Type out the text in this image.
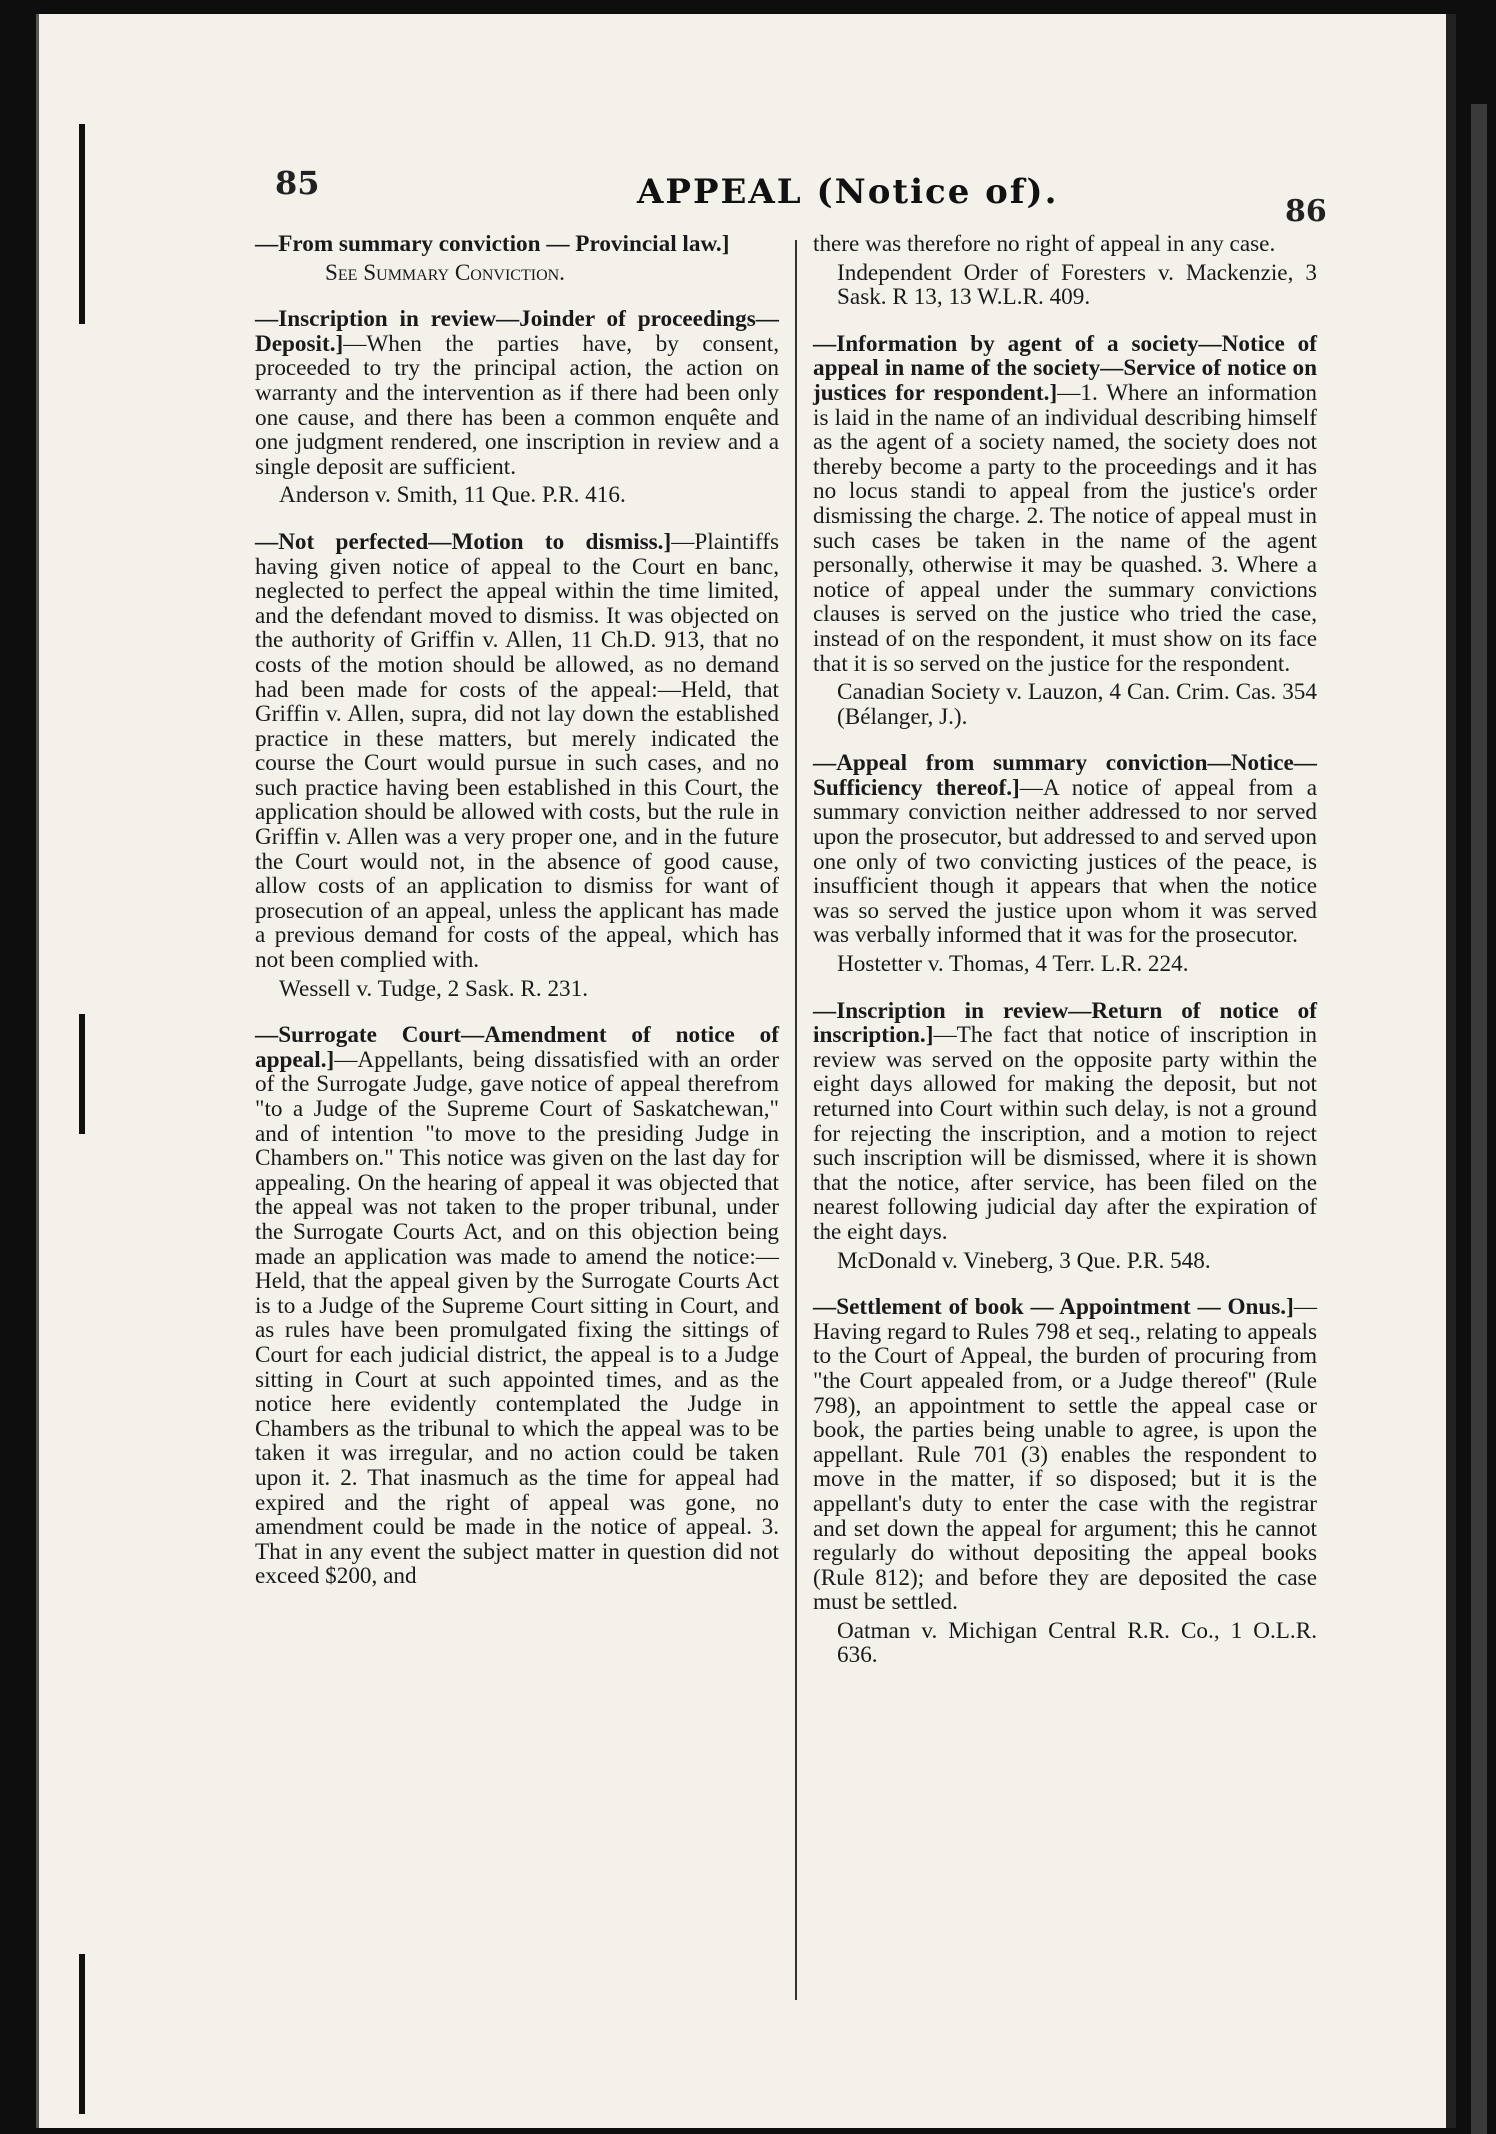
85	APPEAL (Notice of).	86

—From summary conviction — Provincial law.]

See Summary Conviction.

—Inscription in review—Joinder of proceedings—Deposit.]—When the parties have, by consent, proceeded to try the principal action, the action on warranty and the intervention as if there had been only one cause, and there has been a common enquête and one judgment rendered, one inscription in review and a single deposit are sufficient.

Anderson v. Smith, 11 Que. P.R. 416.

—Not perfected—Motion to dismiss.]—Plaintiffs having given notice of appeal to the Court en banc, neglected to perfect the appeal within the time limited, and the defendant moved to dismiss. It was objected on the authority of Griffin v. Allen, 11 Ch.D. 913, that no costs of the motion should be allowed, as no demand had been made for costs of the appeal:—Held, that Griffin v. Allen, supra, did not lay down the established practice in these matters, but merely indicated the course the Court would pursue in such cases, and no such practice having been established in this Court, the application should be allowed with costs, but the rule in Griffin v. Allen was a very proper one, and in the future the Court would not, in the absence of good cause, allow costs of an application to dismiss for want of prosecution of an appeal, unless the applicant has made a previous demand for costs of the appeal, which has not been complied with.

Wessell v. Tudge, 2 Sask. R. 231.

—Surrogate Court—Amendment of notice of appeal.]—Appellants, being dissatisfied with an order of the Surrogate Judge, gave notice of appeal therefrom "to a Judge of the Supreme Court of Saskatchewan," and of intention "to move to the presiding Judge in Chambers on." This notice was given on the last day for appealing. On the hearing of appeal it was objected that the appeal was not taken to the proper tribunal, under the Surrogate Courts Act, and on this objection being made an application was made to amend the notice:—Held, that the appeal given by the Surrogate Courts Act is to a Judge of the Supreme Court sitting in Court, and as rules have been promulgated fixing the sittings of Court for each judicial district, the appeal is to a Judge sitting in Court at such appointed times, and as the notice here evidently contemplated the Judge in Chambers as the tribunal to which the appeal was to be taken it was irregular, and no action could be taken upon it. 2. That inasmuch as the time for appeal had expired and the right of appeal was gone, no amendment could be made in the notice of appeal. 3. That in any event the subject matter in question did not exceed $200, and

there was therefore no right of appeal in any case.

Independent Order of Foresters v. Mackenzie, 3 Sask. R 13, 13 W.L.R. 409.

—Information by agent of a society—Notice of appeal in name of the society—Service of notice on justices for respondent.]—1. Where an information is laid in the name of an individual describing himself as the agent of a society named, the society does not thereby become a party to the proceedings and it has no locus standi to appeal from the justice's order dismissing the charge. 2. The notice of appeal must in such cases be taken in the name of the agent personally, otherwise it may be quashed. 3. Where a notice of appeal under the summary convictions clauses is served on the justice who tried the case, instead of on the respondent, it must show on its face that it is so served on the justice for the respondent.

Canadian Society v. Lauzon, 4 Can. Crim. Cas. 354 (Bélanger, J.).

—Appeal from summary conviction—Notice—Sufficiency thereof.]—A notice of appeal from a summary conviction neither addressed to nor served upon the prosecutor, but addressed to and served upon one only of two convicting justices of the peace, is insufficient though it appears that when the notice was so served the justice upon whom it was served was verbally informed that it was for the prosecutor.

Hostetter v. Thomas, 4 Terr. L.R. 224.

—Inscription in review—Return of notice of inscription.]—The fact that notice of inscription in review was served on the opposite party within the eight days allowed for making the deposit, but not returned into Court within such delay, is not a ground for rejecting the inscription, and a motion to reject such inscription will be dismissed, where it is shown that the notice, after service, has been filed on the nearest following judicial day after the expiration of the eight days.

McDonald v. Vineberg, 3 Que. P.R. 548.

—Settlement of book — Appointment — Onus.]—Having regard to Rules 798 et seq., relating to appeals to the Court of Appeal, the burden of procuring from "the Court appealed from, or a Judge thereof" (Rule 798), an appointment to settle the appeal case or book, the parties being unable to agree, is upon the appellant. Rule 701 (3) enables the respondent to move in the matter, if so disposed; but it is the appellant's duty to enter the case with the registrar and set down the appeal for argument; this he cannot regularly do without depositing the appeal books (Rule 812); and before they are deposited the case must be settled.

Oatman v. Michigan Central R.R. Co., 1 O.L.R. 636.
